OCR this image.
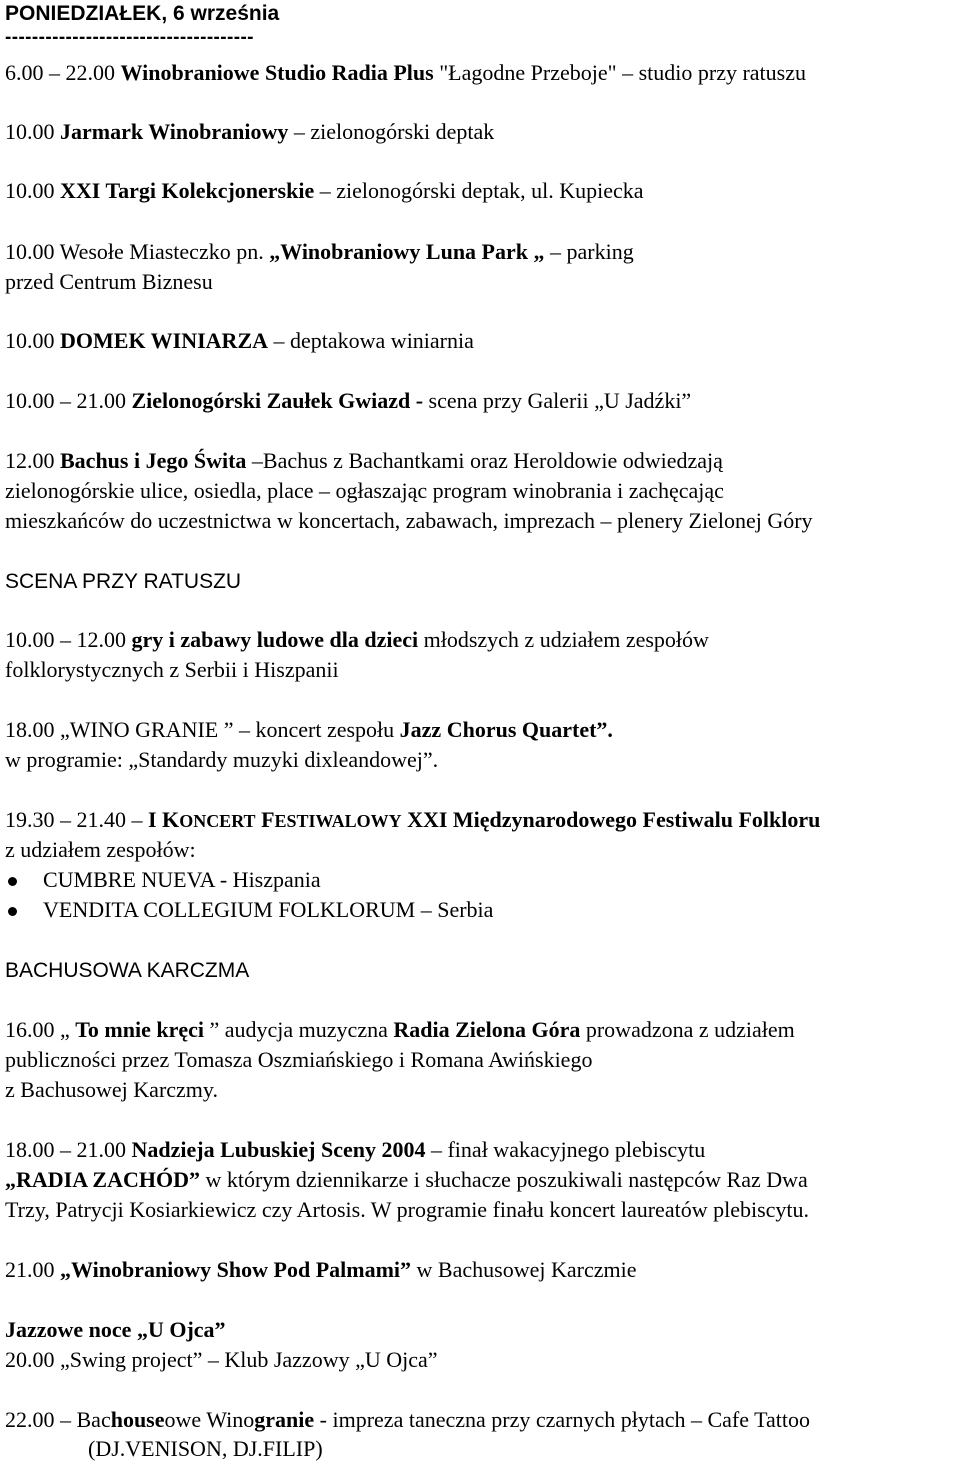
PONIEDZIAŁEK, 6 września

-------------------------------------

6.00 – 22.00 Winobraniowe Studio Radia Plus "Łagodne Przeboje" – studio przy ratuszu

10.00 Jarmark Winobraniowy – zielonogórski deptak

10.00 XXI Targi Kolekcjonerskie – zielonogórski deptak, ul. Kupiecka

10.00 Wesołe Miasteczko pn. „Winobraniowy Luna Park „ – parking

przed Centrum Biznesu

10.00 DOMEK WINIARZA – deptakowa winiarnia

10.00 – 21.00 Zielonogórski Zaułek Gwiazd - scena przy Galerii „U Jadźki”

12.00 Bachus i Jego Świta –Bachus z Bachantkami oraz Heroldowie odwiedzają

zielonogórskie ulice, osiedla, place – ogłaszając program winobrania i zachęcając

mieszkańców do uczestnictwa w koncertach, zabawach, imprezach – plenery Zielonej Góry

SCENA PRZY RATUSZU

10.00 – 12.00 gry i zabawy ludowe dla dzieci młodszych z udziałem zespołów

folklorystycznych z Serbii i Hiszpanii

18.00 „WINO GRANIE ” – koncert zespołu Jazz Chorus Quartet”.

w programie: „Standardy muzyki dixleandowej”.

19.30 – 21.40 – I KONCERT FESTIWALOWY XXI Międzynarodowego Festiwalu Folkloru

z udziałem zespołów:

CUMBRE NUEVA - Hiszpania

VENDITA COLLEGIUM FOLKLORUM – Serbia

BACHUSOWA KARCZMA

16.00 „ To mnie kręci ” audycja muzyczna Radia Zielona Góra prowadzona z udziałem

publiczności przez Tomasza Oszmiańskiego i Romana Awińskiego

z Bachusowej Karczmy.

18.00 – 21.00 Nadzieja Lubuskiej Sceny 2004 – finał wakacyjnego plebiscytu

„RADIA ZACHÓD” w którym dziennikarze i słuchacze poszukiwali następców Raz Dwa

Trzy, Patrycji Kosiarkiewicz czy Artosis. W programie finału koncert laureatów plebiscytu.

21.00 „Winobraniowy Show Pod Palmami” w Bachusowej Karczmie

Jazzowe noce „U Ojca”

20.00 „Swing project” – Klub Jazzowy „U Ojca”

22.00 – Bachouseowe Winogranie - impreza taneczna przy czarnych płytach – Cafe Tattoo

(DJ.VENISON, DJ.FILIP)
